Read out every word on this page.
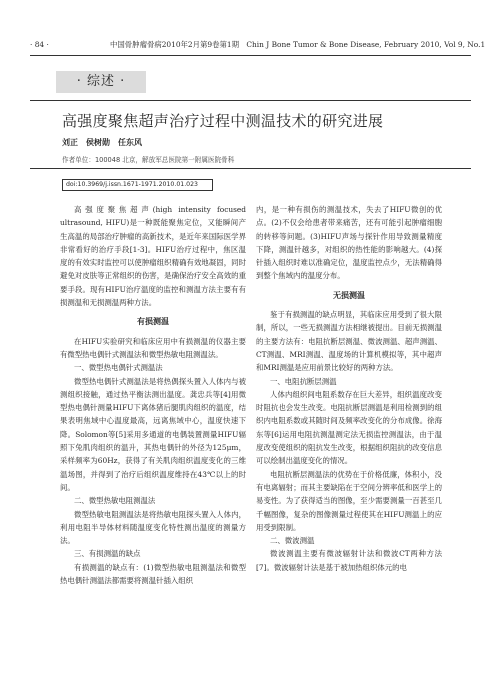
· 84 ·	中国骨肿瘤骨病2010年2月第9卷第1期　Chin J Bone Tumor & Bone Disease, February 2010, Vol 9, No.1
· 综述 ·
高强度聚焦超声治疗过程中测温技术的研究进展
刘正　侯树勋　任东风
作者单位：100048 北京，解放军总医院第一附属医院骨科
doi:10.3969/j.issn.1671-1971.2010.01.023

高强度聚焦超声(high intensity focused ultrasound, HIFU)是一种既能聚焦定位，又能瞬间产生高温的局部治疗肿瘤的高新技术，是近年来国际医学界非常看好的治疗手段[1-3]。HIFU治疗过程中，焦区温度的有效实时监控可以使肿瘤组织精确有效地凝固，同时避免对皮肤等正常组织的伤害，是确保治疗安全高效的重要手段。现有HIFU治疗温度的监控和测温方法主要有有损测温和无损测温两种方法。

有损测温

在HIFU实验研究和临床应用中有损测温的仪器主要有微型热电偶针式测温法和微型热敏电阻测温法。

一、微型热电偶针式测温法

微型热电偶针式测温法是将热偶探头置入人体内与被测组织接触，通过热平衡法测出温度。龚忠兵等[4]用微型热电偶针测量HIFU下离体猪后腿肌肉组织的温度，结果表明焦域中心温度最高，远离焦域中心，温度快速下降。Solomon等[5]采用多通道的电偶装置测量HIFU辐照下兔肌肉组织的温升，其热电偶针的外径为125μm，采样频率为60Hz，获得了有关肌肉组织温度变化的三维温场图，并得到了治疗后组织温度维持在43℃以上的时间。

二、微型热敏电阻测温法

微型热敏电阻测温法是将热敏电阻探头置入人体内，利用电阻半导体材料随温度变化特性测出温度的测量方法。

三、有损测温的缺点

有损测温的缺点有：(1)微型热敏电阻测温法和微型热电偶针测温法都需要将测温针插入组织

内，是一种有损伤的测温技术，失去了HIFU微创的优点。(2)不仅会给患者带来痛苦，还有可能引起肿瘤细胞的转移等问题。(3)HIFU声场与探针作用导致测量精度下降，测温针越多，对组织的热性能的影响越大。(4)探针插入组织时难以准确定位，温度监控点少，无法精确得到整个焦域内的温度分布。

无损测温

鉴于有损测温的缺点明显，其临床应用受到了很大限制，所以，一些无损测温方法相继被提出。目前无损测温的主要方法有：电阻抗断层测温、微波测温、超声测温、CT测温、MRI测温、温度场的计算机模拟等，其中超声和MRI测温是应用前景比较好的两种方法。

一、电阻抗断层测温

人体内组织间电阻系数存在巨大差异，组织温度改变时阻抗也会发生改变。电阻抗断层测温是利用检测到的组织内电阻系数或其随时间及频率改变化的分布成像。徐海东等[6]运用电阻抗测温测定法无损监控测温法，由于温度改变使组织的阻抗发生改变，根据组织阻抗的改变信息可以绘制出温度变化的情况。

电阻抗断层测温法的优势在于价格低廉，体积小，没有电离辐射；而其主要缺陷在于空间分辨率低和医学上的易变性。为了获得适当的图像，至少需要测量一百甚至几千幅图像，复杂的图像测量过程使其在HIFU测温上的应用受到限制。

二、微波测温

微波测温主要有微波辐射计法和微波CT两种方法[7]。微波辐射计法是基于被加热组织体元的电
